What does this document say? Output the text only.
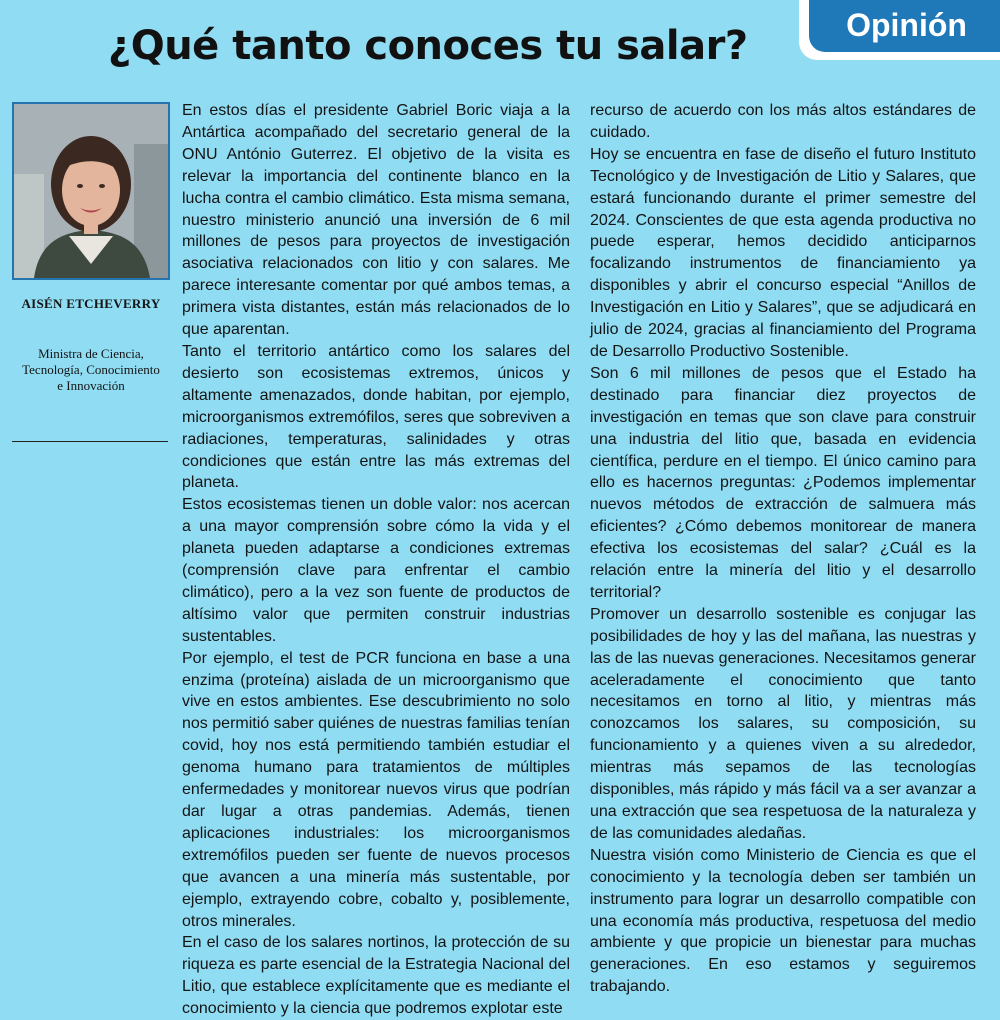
Opinión
¿Qué tanto conoces tu salar?
AISÉN ETCHEVERRY
Ministra de Ciencia,
Tecnología, Conocimiento
e Innovación

En estos días el presidente Gabriel Boric viaja a la Antártica acompañado del secretario general de la ONU António Guterrez. El objetivo de la visita es relevar la importancia del continente blanco en la lucha contra el cambio climático. Esta misma semana, nuestro ministerio anunció una inversión de 6 mil millones de pesos para proyectos de investigación asociativa relacionados con litio y con salares. Me parece interesante comentar por qué ambos temas, a primera vista distantes, están más relacionados de lo que aparentan.

Tanto el territorio antártico como los salares del desierto son ecosistemas extremos, únicos y altamente amenazados, donde habitan, por ejemplo, microorganismos extremófilos, seres que sobreviven a radiaciones, temperaturas, salinidades y otras condiciones que están entre las más extremas del planeta.

Estos ecosistemas tienen un doble valor: nos acercan a una mayor comprensión sobre cómo la vida y el planeta pueden adaptarse a condiciones extremas (comprensión clave para enfrentar el cambio climático), pero a la vez son fuente de productos de altísimo valor que permiten construir industrias sustentables.

Por ejemplo, el test de PCR funciona en base a una enzima (proteína) aislada de un microorganismo que vive en estos ambientes. Ese descubrimiento no solo nos permitió saber quiénes de nuestras familias tenían covid, hoy nos está permitiendo también estudiar el genoma humano para tratamientos de múltiples enfermedades y monitorear nuevos virus que podrían dar lugar a otras pandemias. Además, tienen aplicaciones industriales: los microorganismos extremófilos pueden ser fuente de nuevos procesos que avancen a una minería más sustentable, por ejemplo, extrayendo cobre, cobalto y, posiblemente, otros minerales.

En el caso de los salares nortinos, la protección de su riqueza es parte esencial de la Estrategia Nacional del Litio, que establece explícitamente que es mediante el conocimiento y la ciencia que podremos explotar este

recurso de acuerdo con los más altos estándares de cuidado.

Hoy se encuentra en fase de diseño el futuro Instituto Tecnológico y de Investigación de Litio y Salares, que estará funcionando durante el primer semestre del 2024. Conscientes de que esta agenda productiva no puede esperar, hemos decidido anticiparnos focalizando instrumentos de financiamiento ya disponibles y abrir el concurso especial “Anillos de Investigación en Litio y Salares”, que se adjudicará en julio de 2024, gracias al financiamiento del Programa de Desarrollo Productivo Sostenible.

Son 6 mil millones de pesos que el Estado ha destinado para financiar diez proyectos de investigación en temas que son clave para construir una industria del litio que, basada en evidencia científica, perdure en el tiempo. El único camino para ello es hacernos preguntas: ¿Podemos implementar nuevos métodos de extracción de salmuera más eficientes? ¿Cómo debemos monitorear de manera efectiva los ecosistemas del salar? ¿Cuál es la relación entre la minería del litio y el desarrollo territorial?

Promover un desarrollo sostenible es conjugar las posibilidades de hoy y las del mañana, las nuestras y las de las nuevas generaciones. Necesitamos generar aceleradamente el conocimiento que tanto necesitamos en torno al litio, y mientras más conozcamos los salares, su composición, su funcionamiento y a quienes viven a su alrededor, mientras más sepamos de las tecnologías disponibles, más rápido y más fácil va a ser avanzar a una extracción que sea respetuosa de la naturaleza y de las comunidades aledañas.

Nuestra visión como Ministerio de Ciencia es que el conocimiento y la tecnología deben ser también un instrumento para lograr un desarrollo compatible con una economía más productiva, respetuosa del medio ambiente y que propicie un bienestar para muchas generaciones. En eso estamos y seguiremos trabajando.
